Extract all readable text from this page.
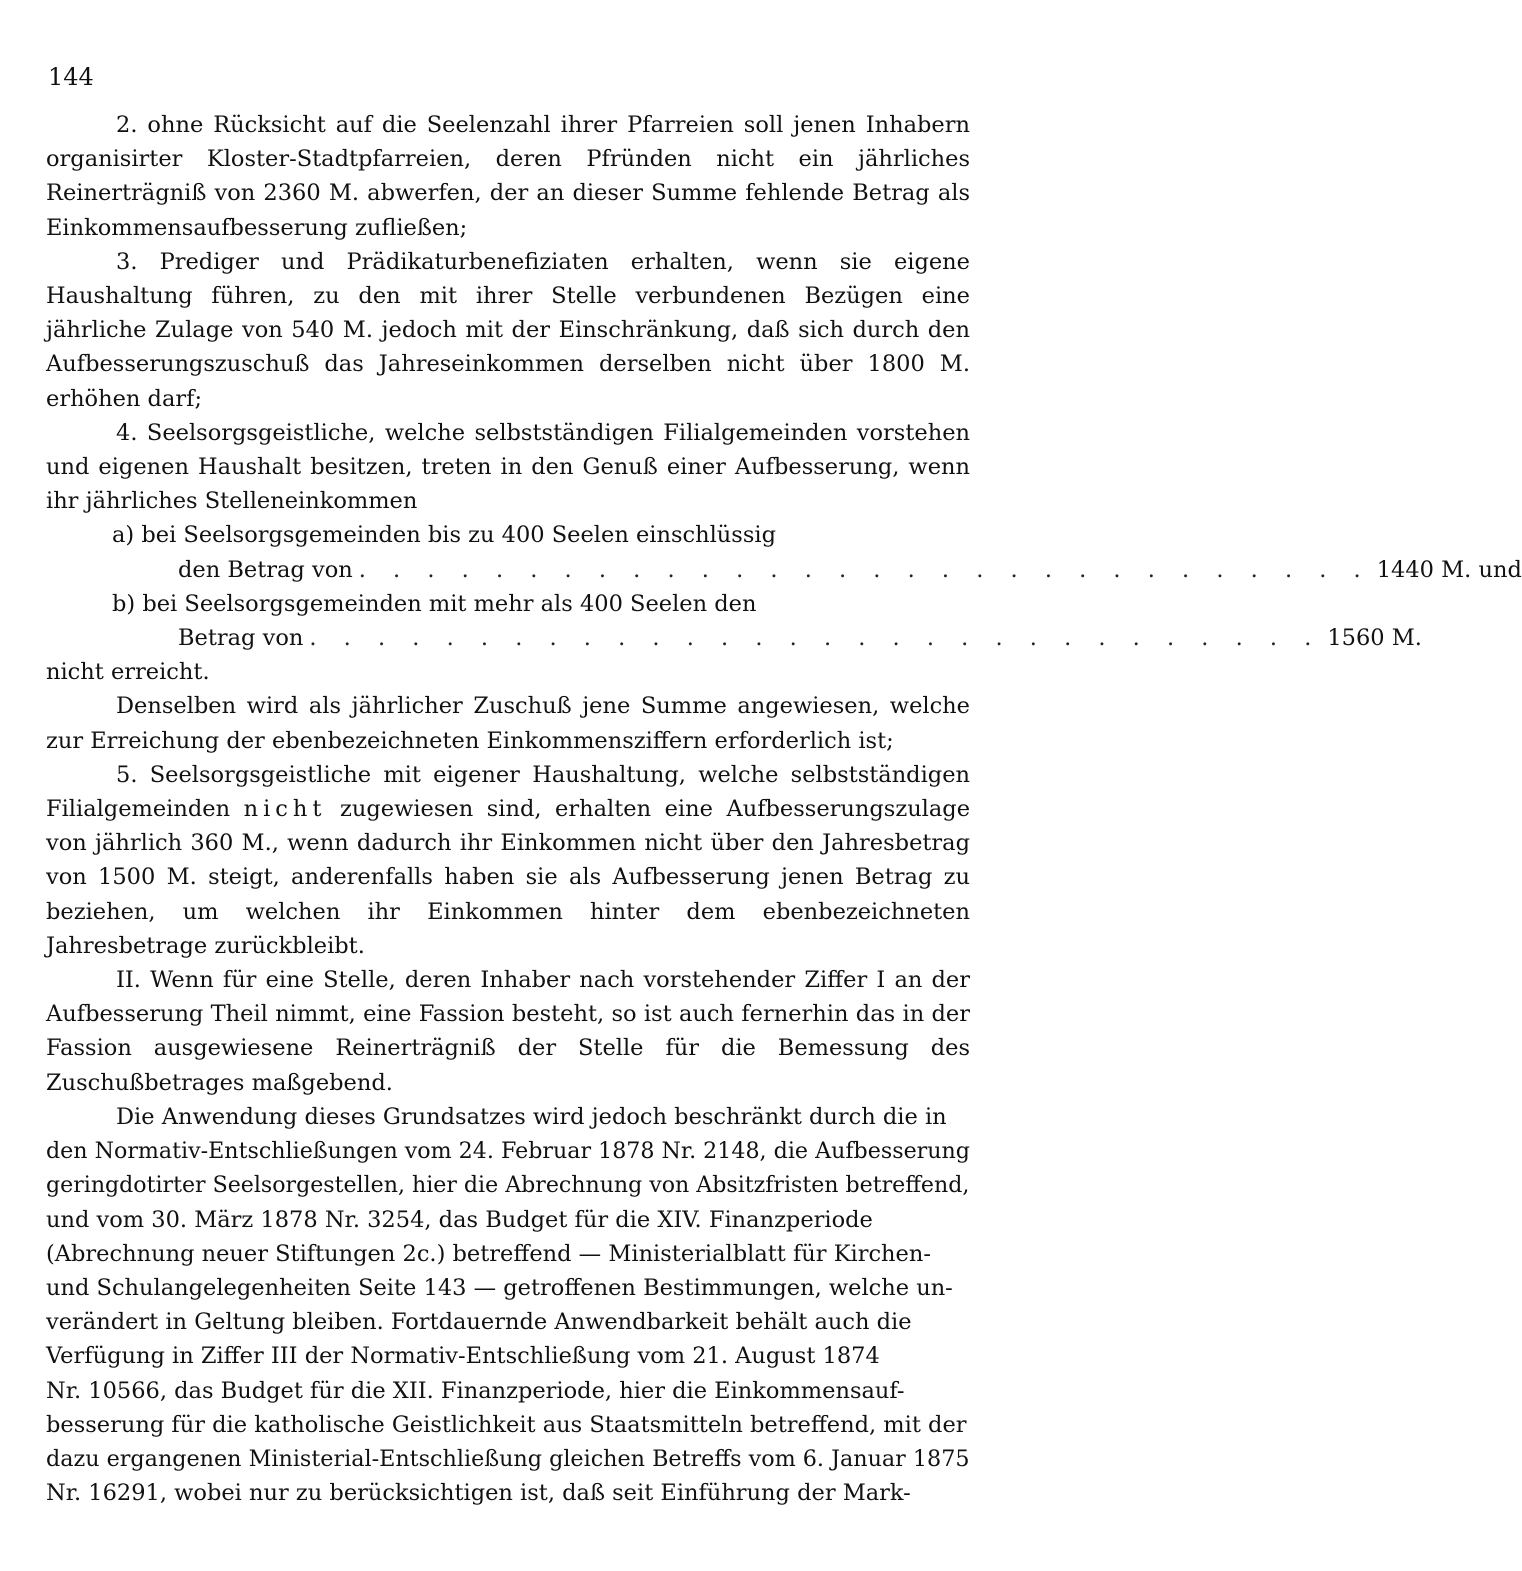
144

2. ohne Rücksicht auf die Seelenzahl ihrer Pfarreien soll jenen Inhabern organisirter Kloster-Stadtpfarreien, deren Pfründen nicht ein jährliches Reinerträgniß von 2360 M. abwerfen, der an dieser Summe fehlende Betrag als Einkommensaufbesserung zufließen;

3. Prediger und Prädikaturbenefiziaten erhalten, wenn sie eigene Haushaltung führen, zu den mit ihrer Stelle verbundenen Bezügen eine jährliche Zulage von 540 M. jedoch mit der Einschränkung, daß sich durch den Aufbesserungszuschuß das Jahreseinkommen derselben nicht über 1800 M. erhöhen darf;

4. Seelsorgsgeistliche, welche selbstständigen Filialgemeinden vorstehen und eigenen Haushalt besitzen, treten in den Genuß einer Aufbesserung, wenn ihr jährliches Stelleneinkommen

a) bei Seelsorgsgemeinden bis zu 400 Seelen einschlüssig
den Betrag von . . . . . . . . . . . . . . . . . . . . . . . . . . . . . . 1440 M. und
b) bei Seelsorgsgemeinden mit mehr als 400 Seelen den
Betrag von . . . . . . . . . . . . . . . . . . . . . . . . . . . . . . 1560 M.

nicht erreicht.

Denselben wird als jährlicher Zuschuß jene Summe angewiesen, welche zur Erreichung der ebenbezeichneten Einkommensziffern erforderlich ist;

5. Seelsorgsgeistliche mit eigener Haushaltung, welche selbstständigen Filialgemeinden nicht zugewiesen sind, erhalten eine Aufbesserungszulage von jährlich 360 M., wenn dadurch ihr Einkommen nicht über den Jahresbetrag von 1500 M. steigt, anderenfalls haben sie als Aufbesserung jenen Betrag zu beziehen, um welchen ihr Einkommen hinter dem ebenbezeichneten Jahresbetrage zurückbleibt.

II. Wenn für eine Stelle, deren Inhaber nach vorstehender Ziffer I an der Aufbesserung Theil nimmt, eine Fassion besteht, so ist auch fernerhin das in der Fassion ausgewiesene Reinerträgniß der Stelle für die Bemessung des Zuschußbetrages maßgebend.

Die Anwendung dieses Grundsatzes wird jedoch beschränkt durch die in
den Normativ-Entschließungen vom 24. Februar 1878 Nr. 2148, die Aufbesserung
geringdotirter Seelsorgestellen, hier die Abrechnung von Absitzfristen betreffend,
und vom 30. März 1878 Nr. 3254, das Budget für die XIV. Finanzperiode
(Abrechnung neuer Stiftungen 2c.) betreffend — Ministerialblatt für Kirchen-
und Schulangelegenheiten Seite 143 — getroffenen Bestimmungen, welche un-
verändert in Geltung bleiben. Fortdauernde Anwendbarkeit behält auch die
Verfügung in Ziffer III der Normativ-Entschließung vom 21. August 1874
Nr. 10566, das Budget für die XII. Finanzperiode, hier die Einkommensauf-
besserung für die katholische Geistlichkeit aus Staatsmitteln betreffend, mit der
dazu ergangenen Ministerial-Entschließung gleichen Betreffs vom 6. Januar 1875
Nr. 16291, wobei nur zu berücksichtigen ist, daß seit Einführung der Mark-
